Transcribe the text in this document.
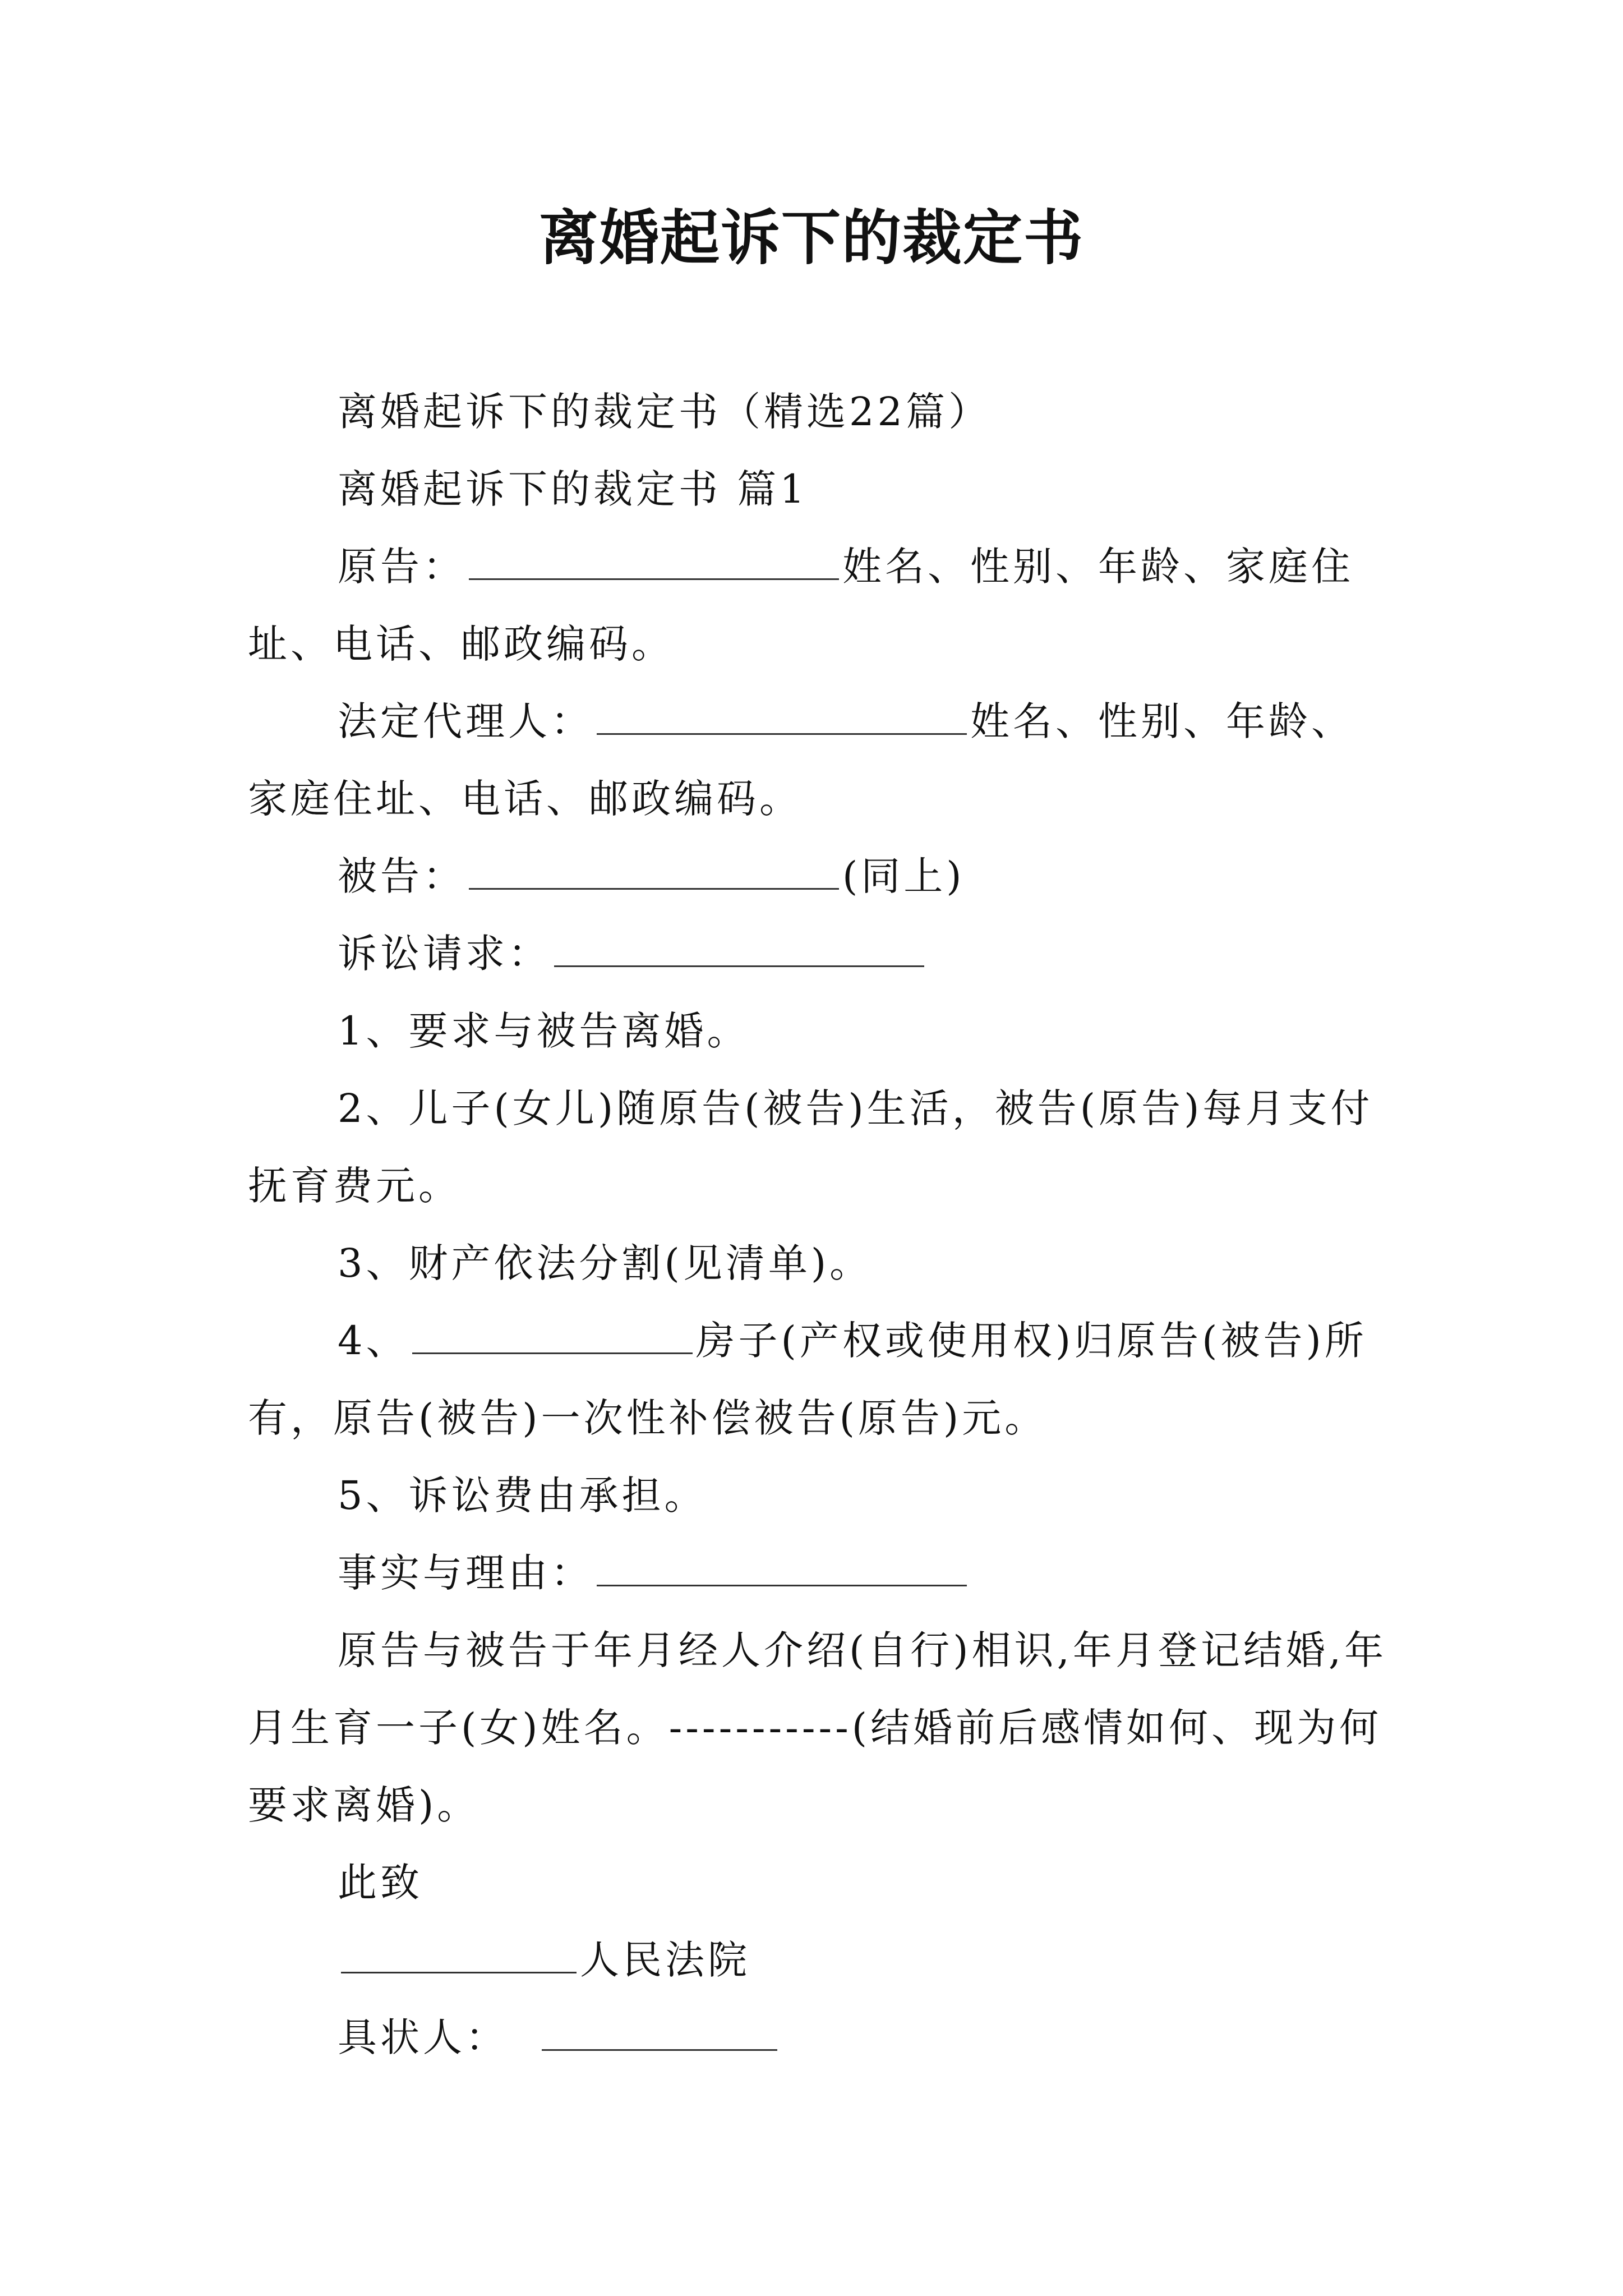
离婚起诉下的裁定书

离婚起诉下的裁定书（精选22篇）

离婚起诉下的裁定书 篇1

原告：	姓名、性别、年龄、家庭住址、电话、邮政编码。

法定代理人：	姓名、性别、年龄、家庭住址、电话、邮政编码。

被告：	(同上)

诉讼请求：

1、要求与被告离婚。

2、儿子(女儿)随原告(被告)生活，被告(原告)每月支付抚育费元。

3、财产依法分割(见清单)。

4、	房子(产权或使用权)归原告(被告)所有，原告(被告)一次性补偿被告(原告)元。

5、诉讼费由承担。

事实与理由：

原告与被告于年月经人介绍(自行)相识,年月登记结婚,年月生育一子(女)姓名。-----------(结婚前后感情如何、现为何要求离婚)。

此致

人民法院

具状人：
